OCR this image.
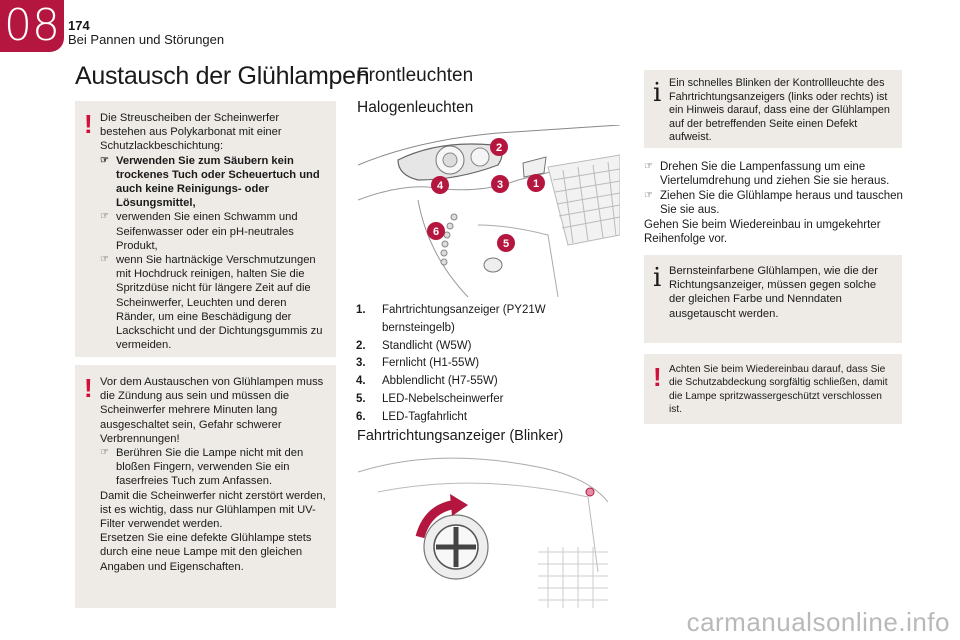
08 174
Bei Pannen und Störungen
Austausch der Glühlampen
! Die Streuscheiben der Scheinwerfer bestehen aus Polykarbonat mit einer Schutzlackbeschichtung:

☞ Verwenden Sie zum Säubern kein trockenes Tuch oder Scheuertuch und auch keine Reinigungs- oder Lösungsmittel,
☞ verwenden Sie einen Schwamm und Seifenwasser oder ein pH-neutrales Produkt,
☞ wenn Sie hartnäckige Verschmutzungen mit Hochdruck reinigen, halten Sie die Spritzdüse nicht für längere Zeit auf die Scheinwerfer, Leuchten und deren Ränder, um eine Beschädigung der Lackschicht und der Dichtungsgummis zu vermeiden.
! Vor dem Austauschen von Glühlampen muss die Zündung aus sein und müssen die Scheinwerfer mehrere Minuten lang ausgeschaltet sein, Gefahr schwerer Verbrennungen!

☞ Berühren Sie die Lampe nicht mit den bloßen Fingern, verwenden Sie ein faserfreies Tuch zum Anfassen.

Damit die Scheinwerfer nicht zerstört werden, ist es wichtig, dass nur Glühlampen mit UV-Filter verwendet werden.

Ersetzen Sie eine defekte Glühlampe stets durch eine neue Lampe mit den gleichen Angaben und Eigenschaften.

Frontleuchten
Halogenleuchten
1
2
3
4
5
6
1. Fahrtrichtungsanzeiger (PY21W bernsteingelb)
2. Standlicht (W5W)
3. Fernlicht (H1-55W)
4. Abblendlicht (H7-55W)
5. LED-Nebelscheinwerfer
6. LED-Tagfahrlicht
Fahrtrichtungsanzeiger (Blinker)
i Ein schnelles Blinken der Kontrollleuchte des Fahrtrichtungsanzeigers (links oder rechts) ist ein Hinweis darauf, dass eine der Glühlampen auf der betreffenden Seite einen Defekt aufweist.

☞ Drehen Sie die Lampenfassung um eine Viertelumdrehung und ziehen Sie sie heraus.
☞ Ziehen Sie die Glühlampe heraus und tauschen Sie sie aus.

Gehen Sie beim Wiedereinbau in umgekehrter Reihenfolge vor.

i Bernsteinfarbene Glühlampen, wie die der Richtungsanzeiger, müssen gegen solche der gleichen Farbe und Nenndaten ausgetauscht werden.

! Achten Sie beim Wiedereinbau darauf, dass Sie die Schutzabdeckung sorgfältig schließen, damit die Lampe spritzwassergeschützt verschlossen ist.

carmanualsonline.info
